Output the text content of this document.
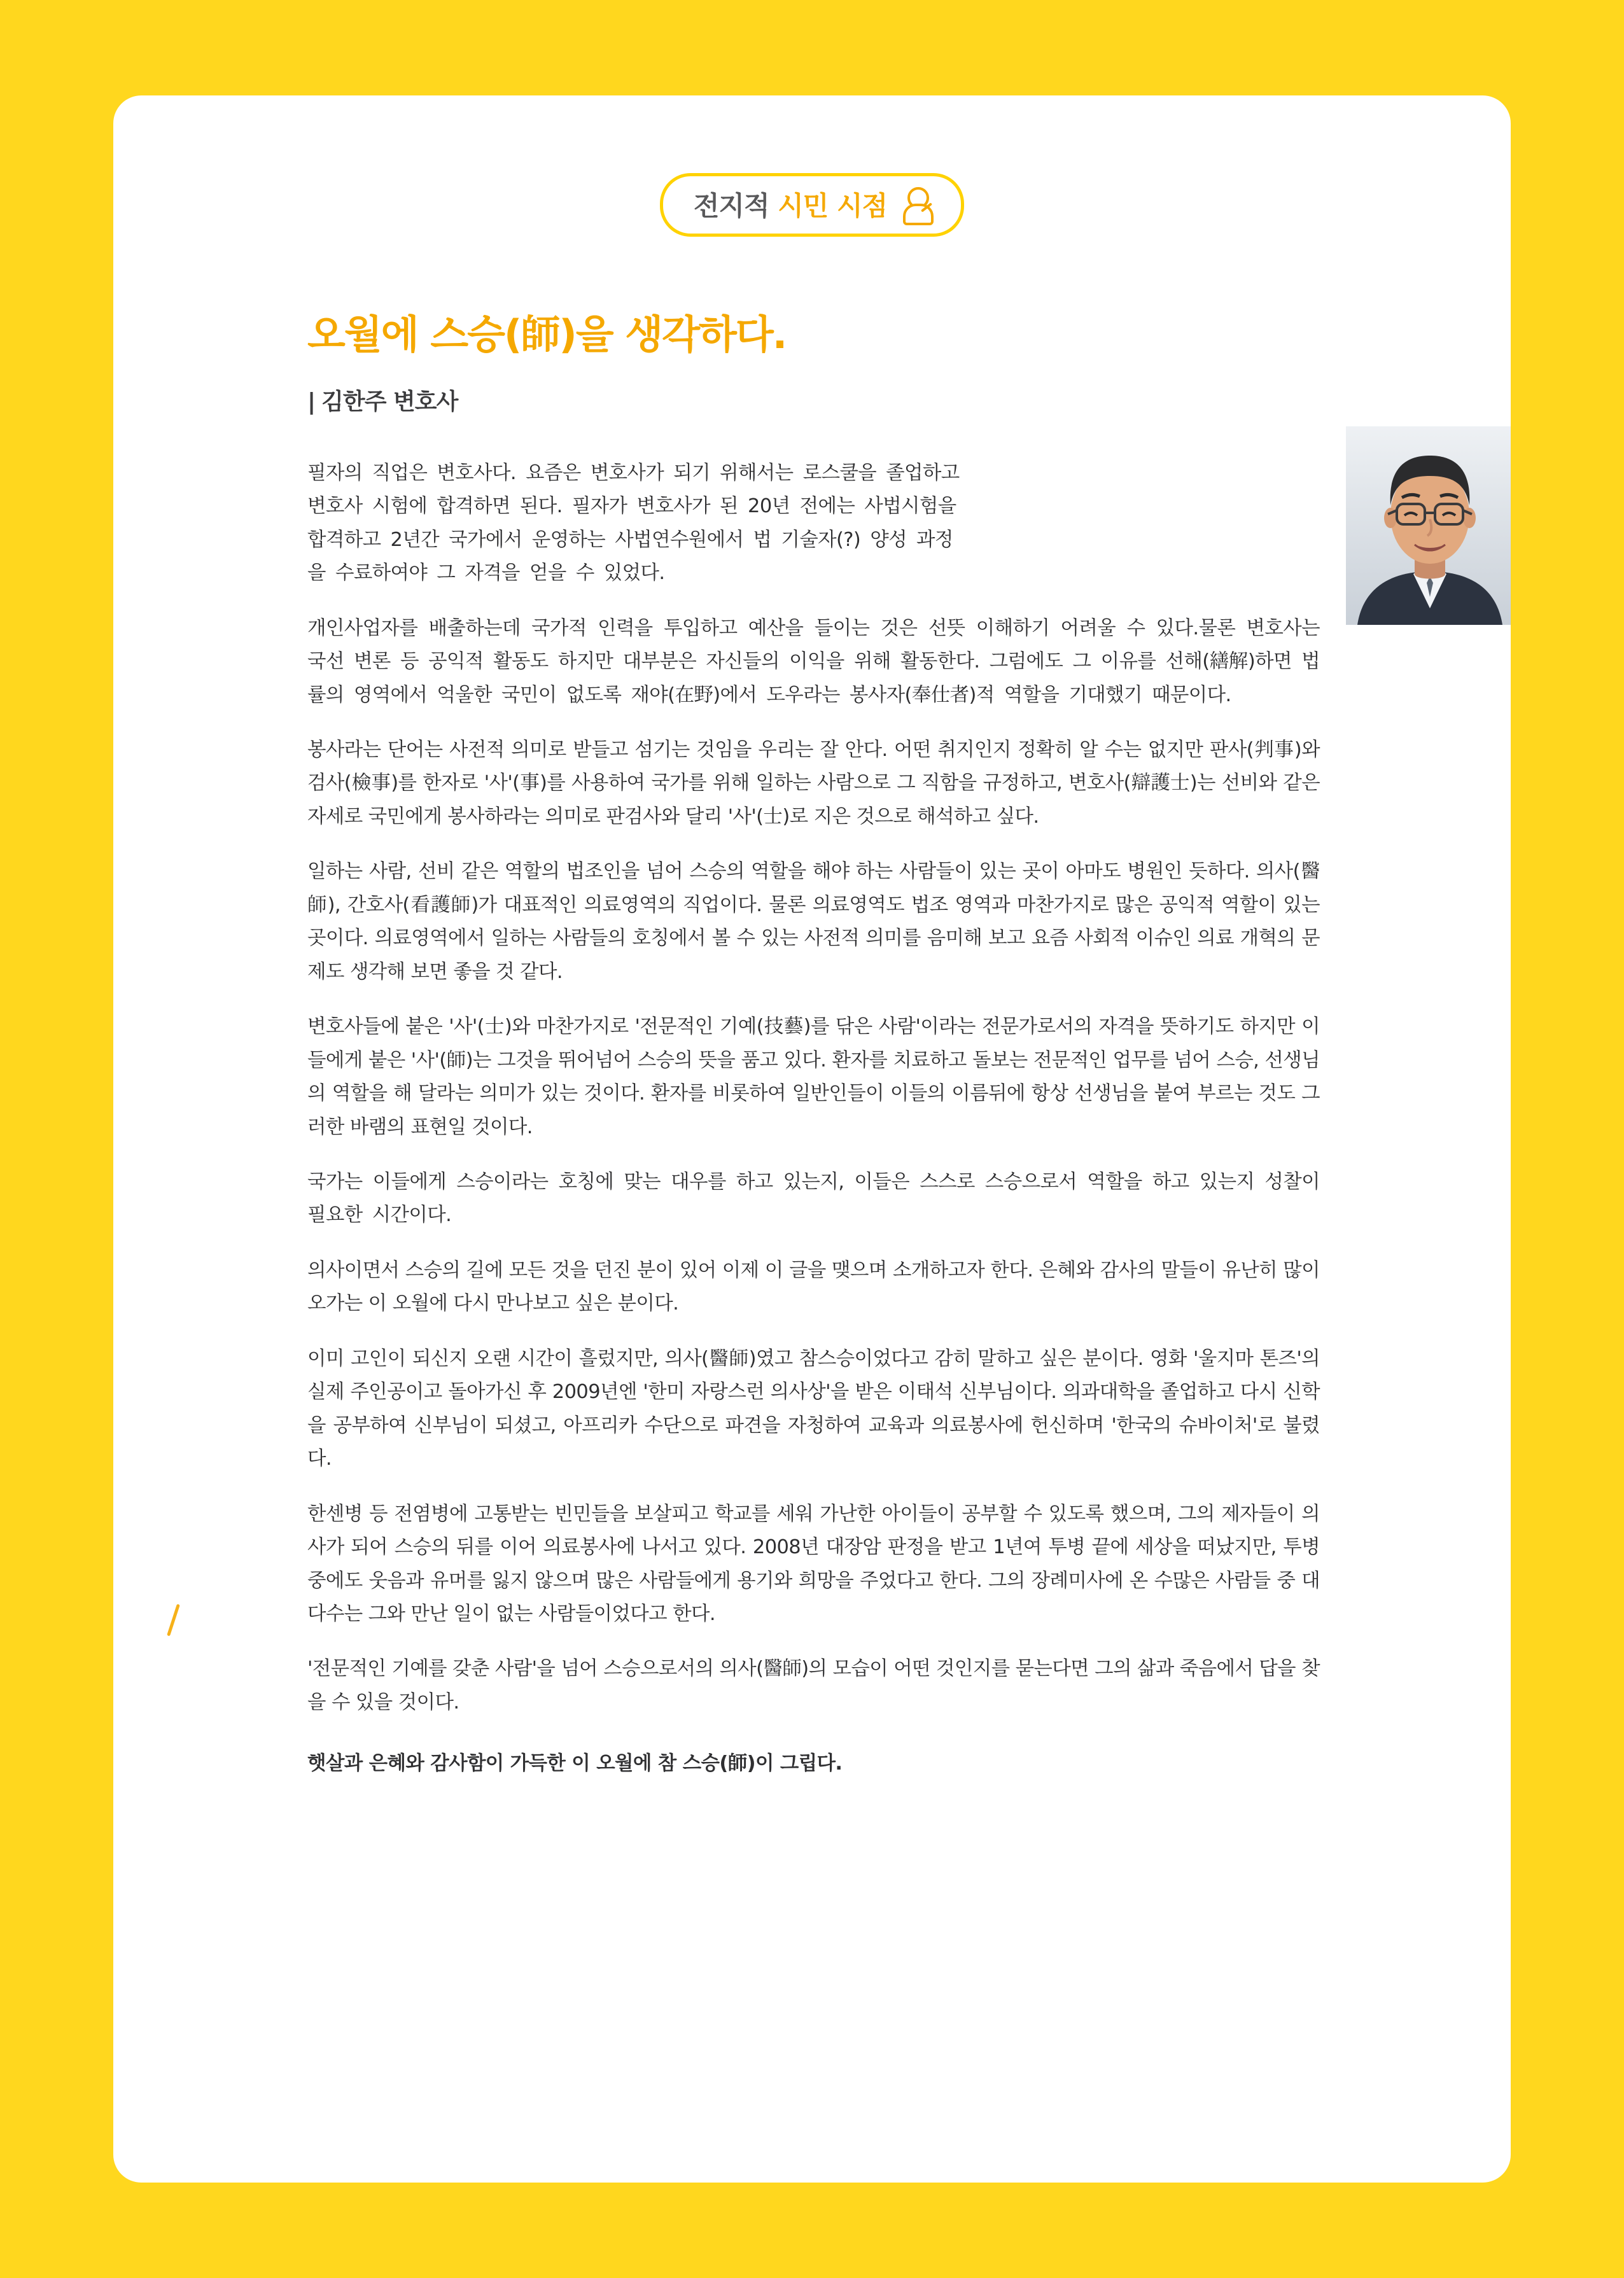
전지적 시민 시점
오월에 스승(師)을 생각하다.
| 김한주 변호사

필자의 직업은 변호사다. 요즘은 변호사가 되기 위해서는 로스쿨을 졸업하고 변호사 시험에 합격하면 된다. 필자가 변호사가 된 20년 전에는 사법시험을 합격하고 2년간 국가에서 운영하는 사법연수원에서 법 기술자(?) 양성 과정을 수료하여야 그 자격을 얻을 수 있었다.

개인사업자를 배출하는데 국가적 인력을 투입하고 예산을 들이는 것은 선뜻 이해하기 어려울 수 있다.물론 변호사는 국선 변론 등 공익적 활동도 하지만 대부분은 자신들의 이익을 위해 활동한다. 그럼에도 그 이유를 선해(繕解)하면 법률의 영역에서 억울한 국민이 없도록 재야(在野)에서 도우라는 봉사자(奉仕者)적 역할을 기대했기 때문이다.

봉사라는 단어는 사전적 의미로 받들고 섬기는 것임을 우리는 잘 안다. 어떤 취지인지 정확히 알 수는 없지만 판사(判事)와 검사(檢事)를 한자로 '사'(事)를 사용하여 국가를 위해 일하는 사람으로 그 직함을 규정하고, 변호사(辯護士)는 선비와 같은 자세로 국민에게 봉사하라는 의미로 판검사와 달리 '사'(士)로 지은 것으로 해석하고 싶다.

일하는 사람, 선비 같은 역할의 법조인을 넘어 스승의 역할을 해야 하는 사람들이 있는 곳이 아마도 병원인 듯하다. 의사(醫師), 간호사(看護師)가 대표적인 의료영역의 직업이다. 물론 의료영역도 법조 영역과 마찬가지로 많은 공익적 역할이 있는 곳이다. 의료영역에서 일하는 사람들의 호칭에서 볼 수 있는 사전적 의미를 음미해 보고 요즘 사회적 이슈인 의료 개혁의 문제도 생각해 보면 좋을 것 같다.

변호사들에 붙은 '사'(士)와 마찬가지로 '전문적인 기예(技藝)를 닦은 사람'이라는 전문가로서의 자격을 뜻하기도 하지만 이들에게 붙은 '사'(師)는 그것을 뛰어넘어 스승의 뜻을 품고 있다. 환자를 치료하고 돌보는 전문적인 업무를 넘어 스승, 선생님의 역할을 해 달라는 의미가 있는 것이다. 환자를 비롯하여 일반인들이 이들의 이름뒤에 항상 선생님을 붙여 부르는 것도 그러한 바램의 표현일 것이다.

국가는 이들에게 스승이라는 호칭에 맞는 대우를 하고 있는지, 이들은 스스로 스승으로서 역할을 하고 있는지 성찰이 필요한 시간이다.

의사이면서 스승의 길에 모든 것을 던진 분이 있어 이제 이 글을 맺으며 소개하고자 한다. 은혜와 감사의 말들이 유난히 많이 오가는 이 오월에 다시 만나보고 싶은 분이다.

이미 고인이 되신지 오랜 시간이 흘렀지만, 의사(醫師)였고 참스승이었다고 감히 말하고 싶은 분이다. 영화 '울지마 톤즈'의 실제 주인공이고 돌아가신 후 2009년엔 '한미 자랑스런 의사상'을 받은 이태석 신부님이다. 의과대학을 졸업하고 다시 신학을 공부하여 신부님이 되셨고, 아프리카 수단으로 파견을 자청하여 교육과 의료봉사에 헌신하며 '한국의 슈바이처'로 불렸다.

한센병 등 전염병에 고통받는 빈민들을 보살피고 학교를 세워 가난한 아이들이 공부할 수 있도록 했으며, 그의 제자들이 의사가 되어 스승의 뒤를 이어 의료봉사에 나서고 있다. 2008년 대장암 판정을 받고 1년여 투병 끝에 세상을 떠났지만, 투병 중에도 웃음과 유머를 잃지 않으며 많은 사람들에게 용기와 희망을 주었다고 한다. 그의 장례미사에 온 수많은 사람들 중 대다수는 그와 만난 일이 없는 사람들이었다고 한다.

'전문적인 기예를 갖춘 사람'을 넘어 스승으로서의 의사(醫師)의 모습이 어떤 것인지를 묻는다면 그의 삶과 죽음에서 답을 찾을 수 있을 것이다.

햇살과 은혜와 감사함이 가득한 이 오월에 참 스승(師)이 그립다.
